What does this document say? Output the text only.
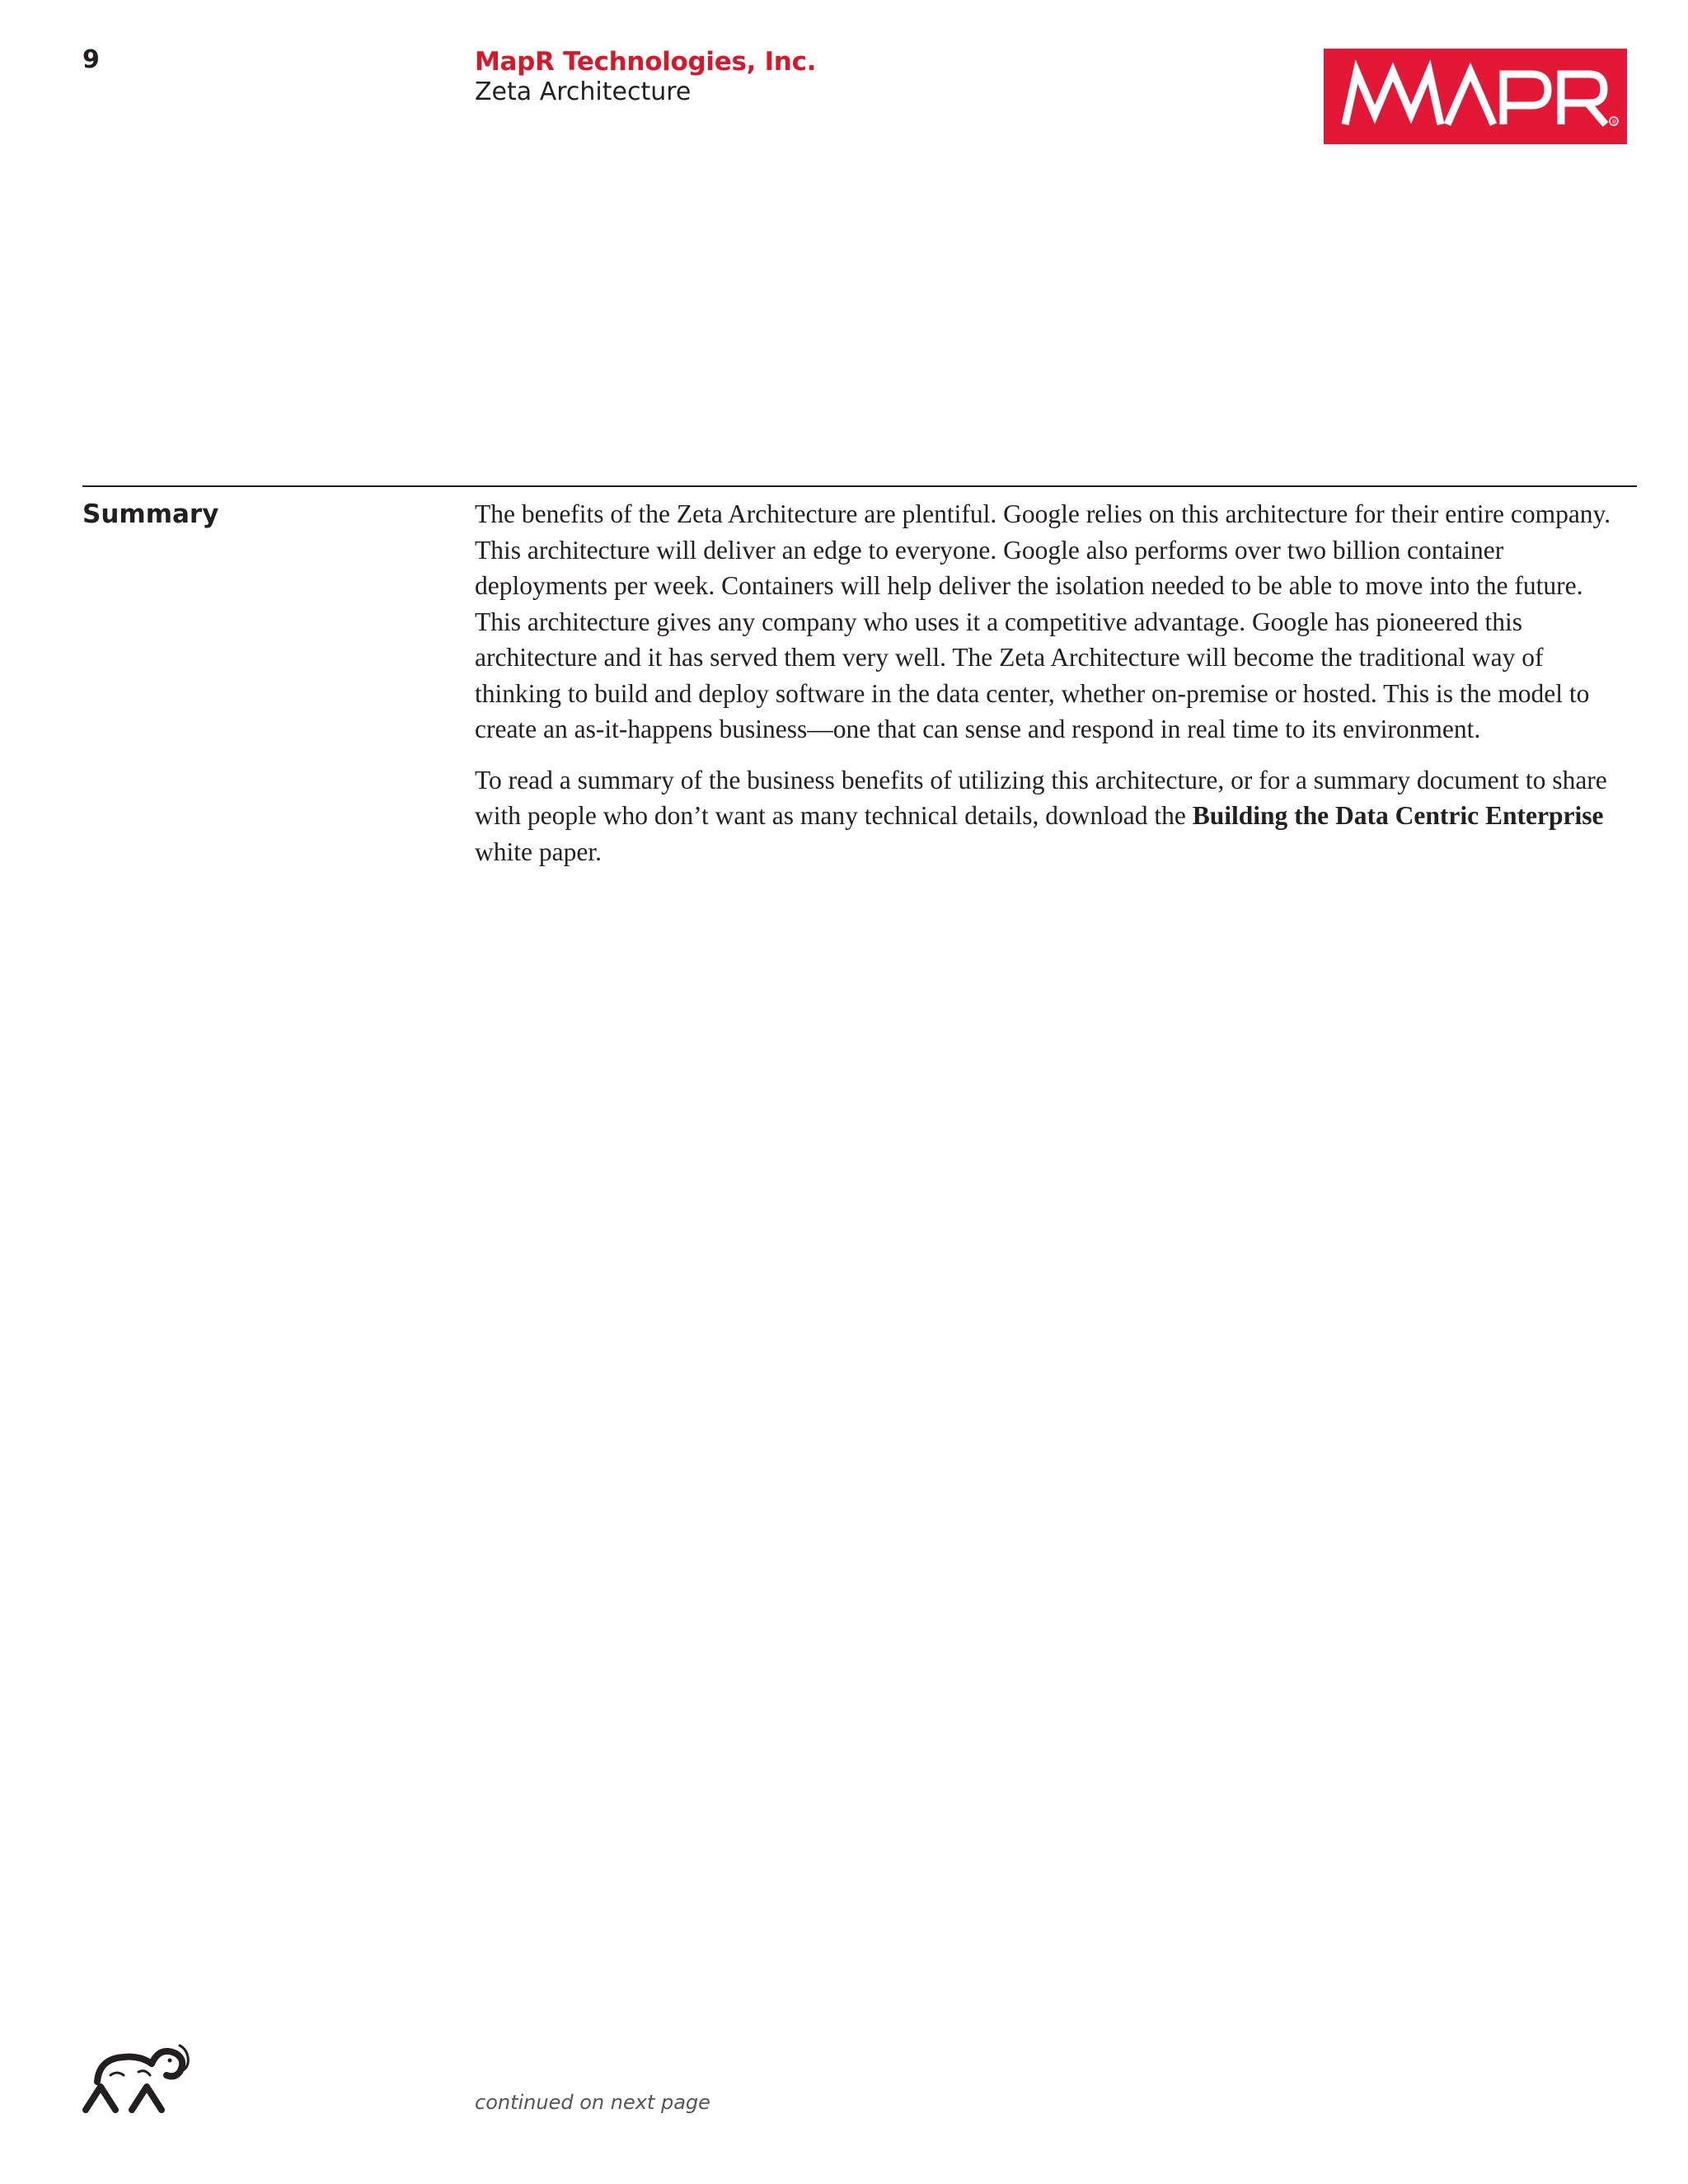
9	MapR Technologies, Inc.
Zeta Architecture
®
Summary	The benefits of the Zeta Architecture are plentiful. Google relies on this architecture for their entire company. This architecture will deliver an edge to everyone. Google also performs over two billion container deployments per week. Containers will help deliver the isolation needed to be able to move into the future. This architecture gives any company who uses it a competitive advantage. Google has pioneered this architecture and it has served them very well. The Zeta Architecture will become the traditional way of thinking to build and deploy software in the data center, whether on-premise or hosted. This is the model to create an as-it-happens business—one that can sense and respond in real time to its environment.

To read a summary of the business benefits of utilizing this architecture, or for a summary document to share with people who don’t want as many technical details, download the Building the Data Centric Enterprise white paper.

continued on next page
